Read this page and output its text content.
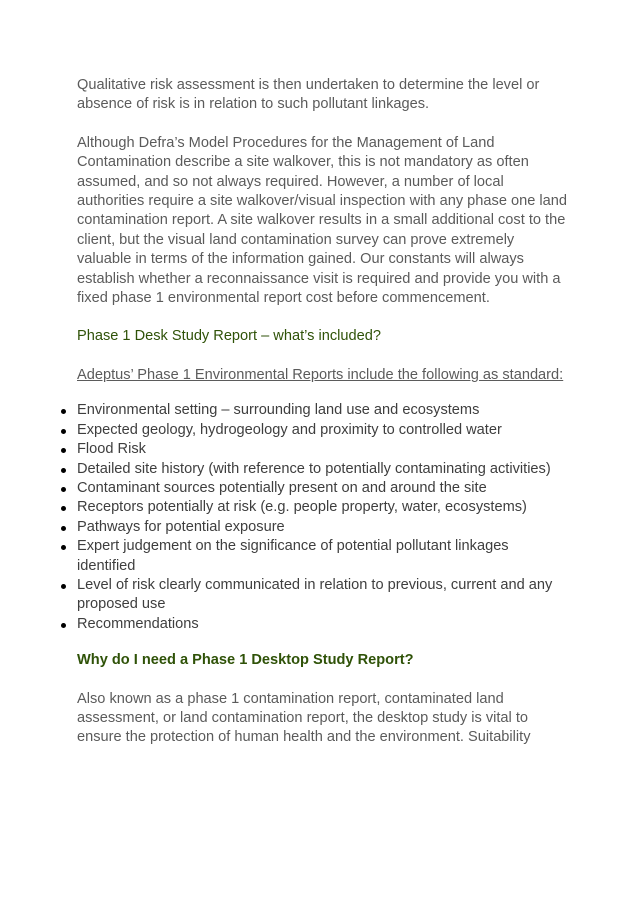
Qualitative risk assessment is then undertaken to determine the level or absence of risk is in relation to such pollutant linkages.

Although Defra’s Model Procedures for the Management of Land Contamination describe a site walkover, this is not mandatory as often assumed, and so not always required. However, a number of local authorities require a site walkover/visual inspection with any phase one land contamination report. A site walkover results in a small additional cost to the client, but the visual land contamination survey can prove extremely valuable in terms of the information gained. Our constants will always establish whether a reconnaissance visit is required and provide you with a fixed phase 1 environmental report cost before commencement.

Phase 1 Desk Study Report – what’s included?

Adeptus’ Phase 1 Environmental Reports include the following as standard:

Environmental setting – surrounding land use and ecosystems
Expected geology, hydrogeology and proximity to controlled water
Flood Risk
Detailed site history (with reference to potentially contaminating activities)
Contaminant sources potentially present on and around the site
Receptors potentially at risk (e.g. people property, water, ecosystems)
Pathways for potential exposure
Expert judgement on the significance of potential pollutant linkages identified
Level of risk clearly communicated in relation to previous, current and any proposed use
Recommendations

Why do I need a Phase 1 Desktop Study Report?

Also known as a phase 1 contamination report, contaminated land assessment, or land contamination report, the desktop study is vital to ensure the protection of human health and the environment. Suitability
